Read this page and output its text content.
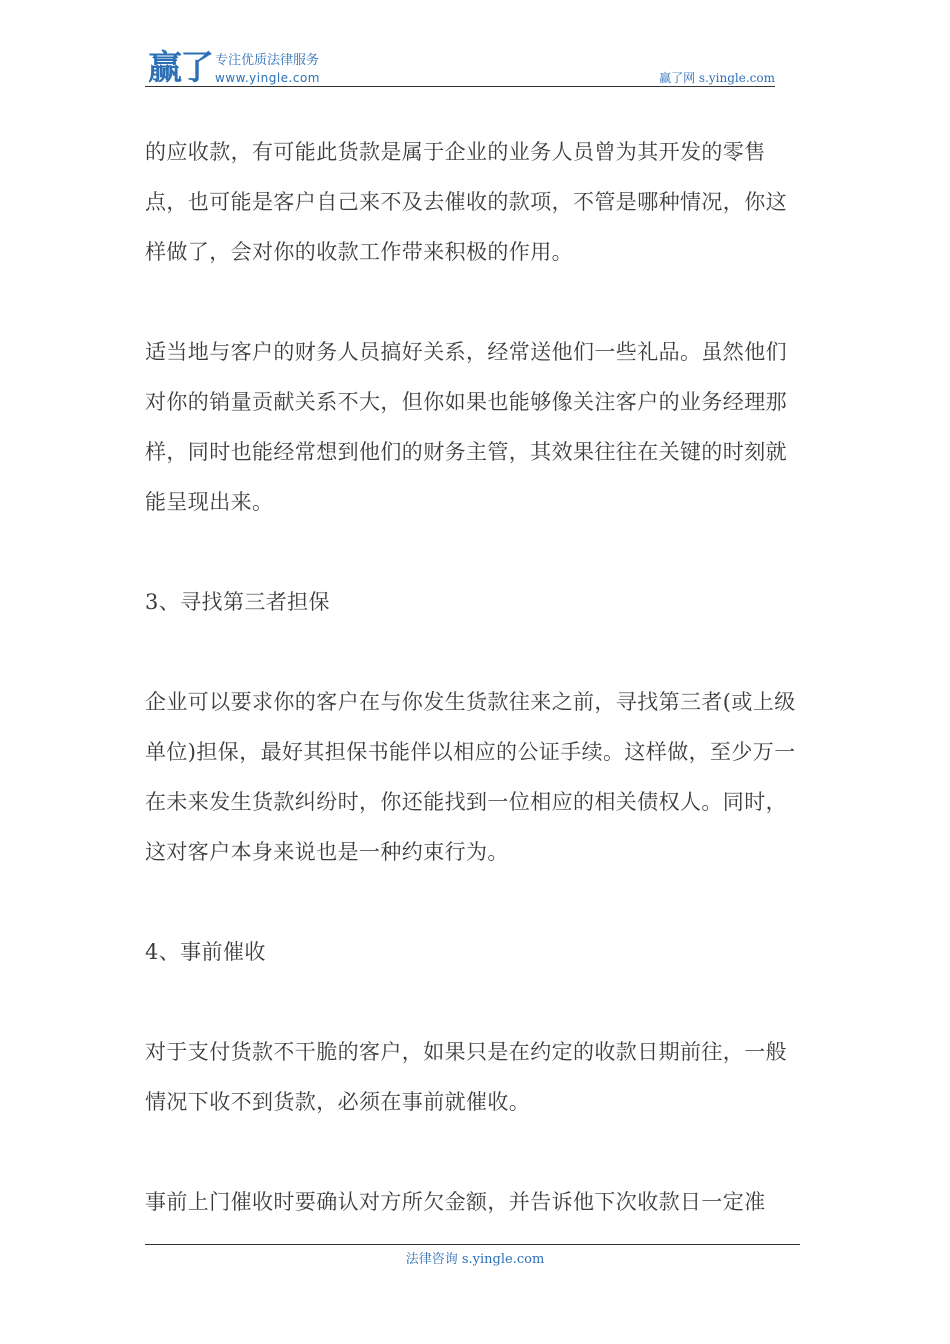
赢了 专注优质法律服务
www.yingle.com	赢了网 s.yingle.com

的应收款，有可能此货款是属于企业的业务人员曾为其开发的零售点，也可能是客户自己来不及去催收的款项，不管是哪种情况，你这样做了，会对你的收款工作带来积极的作用。

适当地与客户的财务人员搞好关系，经常送他们一些礼品。虽然他们对你的销量贡献关系不大，但你如果也能够像关注客户的业务经理那样，同时也能经常想到他们的财务主管，其效果往往在关键的时刻就能呈现出来。

3、寻找第三者担保

企业可以要求你的客户在与你发生货款往来之前，寻找第三者(或上级单位)担保，最好其担保书能伴以相应的公证手续。这样做，至少万一在未来发生货款纠纷时，你还能找到一位相应的相关债权人。同时，这对客户本身来说也是一种约束行为。

4、事前催收

对于支付货款不干脆的客户，如果只是在约定的收款日期前往，一般情况下收不到货款，必须在事前就催收。

事前上门催收时要确认对方所欠金额，并告诉他下次收款日一定准

法律咨询 s.yingle.com
